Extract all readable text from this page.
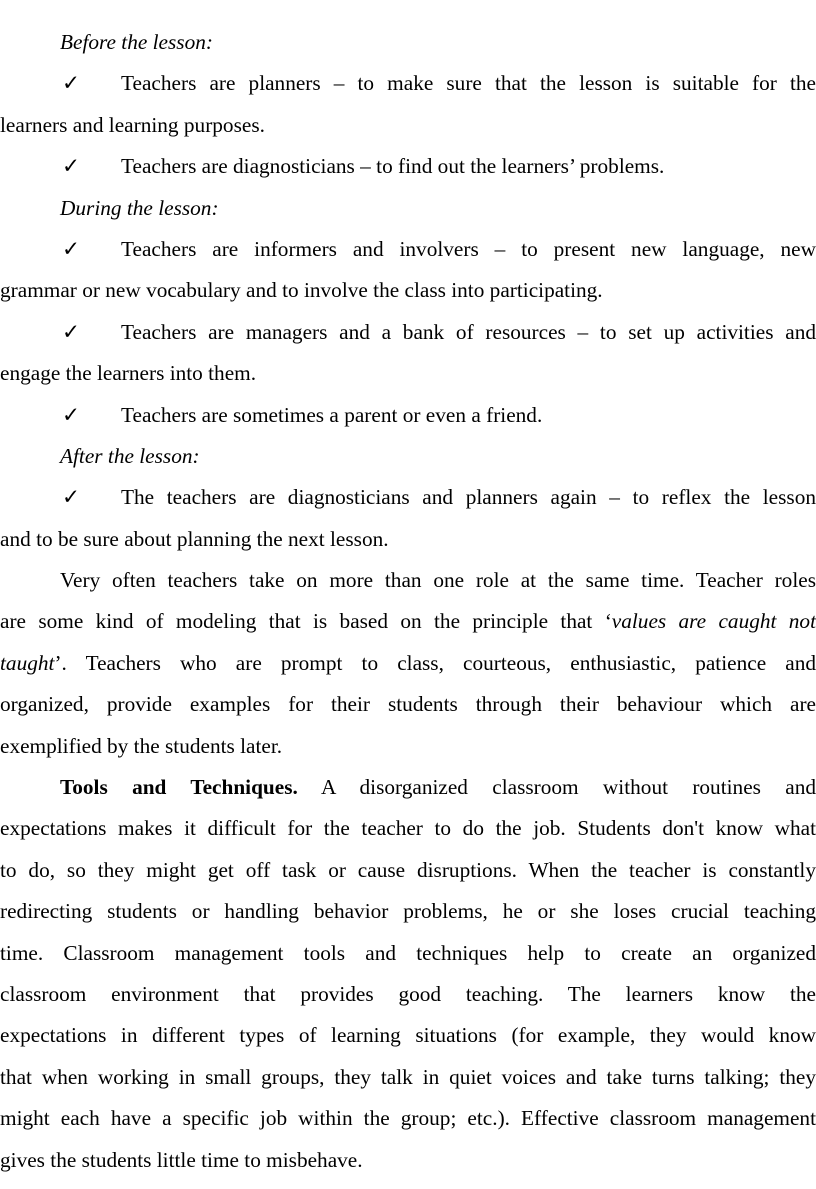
Before the lesson:
✓ Teachers are planners – to make sure that the lesson is suitable for the
learners and learning purposes.
✓ Teachers are diagnosticians – to find out the learners’ problems.
During the lesson:
✓ Teachers are informers and involvers – to present new language, new
grammar or new vocabulary and to involve the class into participating.
✓ Teachers are managers and a bank of resources – to set up activities and
engage the learners into them.
✓ Teachers are sometimes a parent or even a friend.
After the lesson:
✓ The teachers are diagnosticians and planners again – to reflex the lesson
and to be sure about planning the next lesson.
Very often teachers take on more than one role at the same time. Teacher roles
are some kind of modeling that is based on the principle that ‘values are caught not
taught’. Teachers who are prompt to class, courteous, enthusiastic, patience and
organized, provide examples for their students through their behaviour which are
exemplified by the students later.
Tools and Techniques. A disorganized classroom without routines and
expectations makes it difficult for the teacher to do the job. Students don't know what
to do, so they might get off task or cause disruptions. When the teacher is constantly
redirecting students or handling behavior problems, he or she loses crucial teaching
time. Classroom management tools and techniques help to create an organized
classroom environment that provides good teaching. The learners know the
expectations in different types of learning situations (for example, they would know
that when working in small groups, they talk in quiet voices and take turns talking; they
might each have a specific job within the group; etc.). Effective classroom management
gives the students little time to misbehave.
